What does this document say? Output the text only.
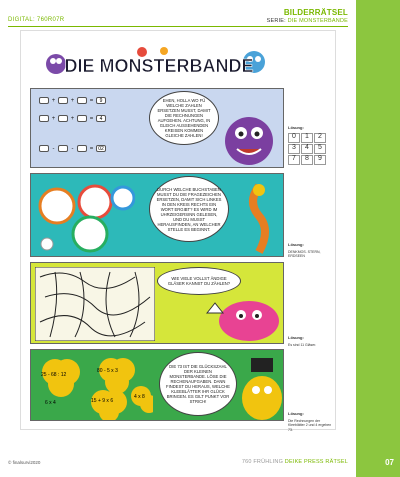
DIGITAL: 760R07R
BILDERRÄTSEL
SERIE: DIE MONSTERBANDE
DIE MONSTERBANDE
+	+	=	9
+	+	=	4
-	-	= 02
EHEN, HOLLA WO FÜ WELCHE ZAHLEN ERSETZEN MUSST, DAMIT DIE RECHNUNGEN AUFGEHEN. ACHTUNG, IN GLEICH AUSSEHENDEN KREISEN KOMMEN GLEICHE ZAHLEN!
DURCH WELCHE BUCHSTABEN MUSST DU DIE FRAGEZEICHEN ERSETZEN, DAMIT SICH LINKES IN DEN KREIS RECHTS EIN WORT ERGIBT? ES WIRD IM UHRZEIGERSINN GELESEN, UND DU MUSST HERAUSFINDEN, AN WELCHER STELLE ES BEGINNT.
WIE VIELE VOLLST ÄNDIGE GLÄSER KANNST DU ZÄHLEN?
25 - 68 : 12
80 - 5 x 3
4 x 8
15 + 9 x 6
6 x 4
DIE 73 IST DIE GLÜCKSZAHL DER KLEINEN MONSTERBANDE. LÖSE DIE RECHENAUFGABEN. DANN FINDEST DU HERAUS, WELCHE KLEEBLÄTTER IHR GLÜCK BRINGEN. ES GILT PUNKT VOR STRICH!
Lösung:
0	1	2
3	4	5
7	8	9
Lösung:
DENKMOS. STERN, ERDSEEN
Lösung:
Es sind 11 Gläser.
Lösung:
Die Rechnungen der Kleeblätter 2 und 4 ergeben 73.
© finalsurvi2020	760 FRÜHLING DEIKE PRESS RÄTSEL	07
